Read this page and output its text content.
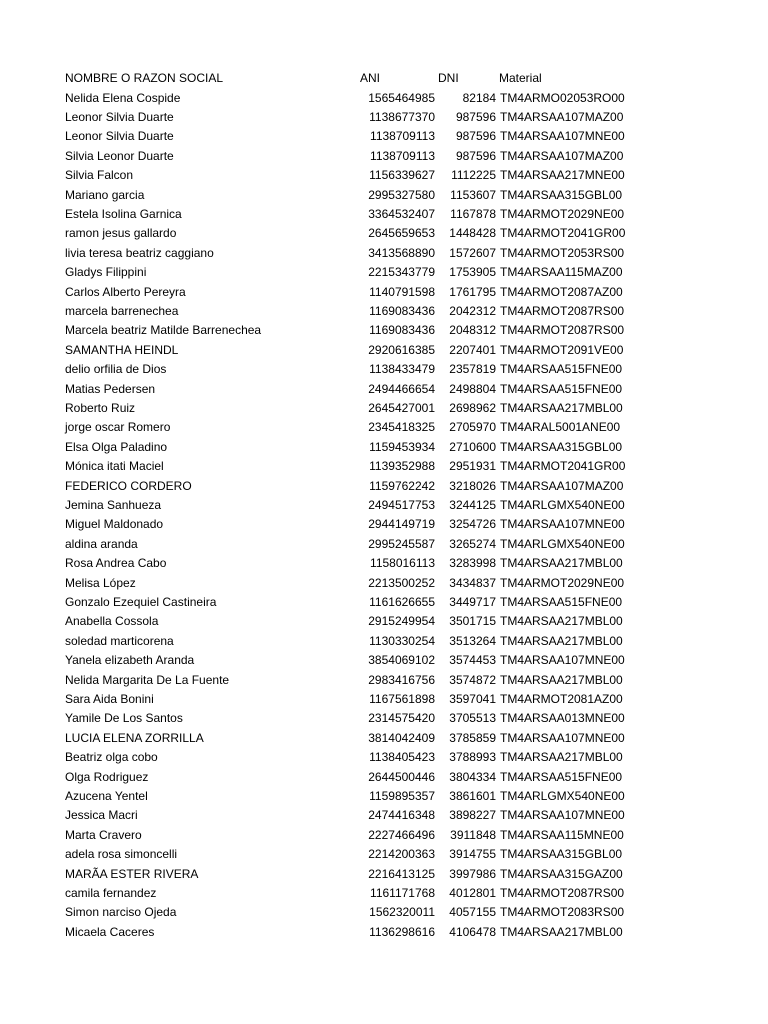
NOMBRE O RAZON SOCIAL	ANI	DNI	Material
Nelida Elena Cospide	1565464985	82184 TM4ARMO02053RO00
Leonor Silvia Duarte	1138677370	987596 TM4ARSAA107MAZ00
Leonor Silvia Duarte	1138709113	987596 TM4ARSAA107MNE00
Silvia Leonor Duarte	1138709113	987596 TM4ARSAA107MAZ00
Silvia Falcon	1156339627	1112225 TM4ARSAA217MNE00
Mariano garcia	2995327580	1153607 TM4ARSAA315GBL00
Estela Isolina Garnica	3364532407	1167878 TM4ARMOT2029NE00
ramon jesus gallardo	2645659653	1448428 TM4ARMOT2041GR00
livia teresa beatriz caggiano	3413568890	1572607 TM4ARMOT2053RS00
Gladys Filippini	2215343779	1753905 TM4ARSAA115MAZ00
Carlos Alberto Pereyra	1140791598	1761795 TM4ARMOT2087AZ00
marcela barrenechea	1169083436	2042312 TM4ARMOT2087RS00
Marcela beatriz Matilde Barrenechea	1169083436	2048312 TM4ARMOT2087RS00
SAMANTHA HEINDL	2920616385	2207401 TM4ARMOT2091VE00
delio orfilia de Dios	1138433479	2357819 TM4ARSAA515FNE00
Matias Pedersen	2494466654	2498804 TM4ARSAA515FNE00
Roberto Ruiz	2645427001	2698962 TM4ARSAA217MBL00
jorge oscar Romero	2345418325	2705970 TM4ARAL5001ANE00
Elsa Olga Paladino	1159453934	2710600 TM4ARSAA315GBL00
Mónica itati Maciel	1139352988	2951931 TM4ARMOT2041GR00
FEDERICO CORDERO	1159762242	3218026 TM4ARSAA107MAZ00
Jemina Sanhueza	2494517753	3244125 TM4ARLGMX540NE00
Miguel Maldonado	2944149719	3254726 TM4ARSAA107MNE00
aldina aranda	2995245587	3265274 TM4ARLGMX540NE00
Rosa Andrea Cabo	1158016113	3283998 TM4ARSAA217MBL00
Melisa López	2213500252	3434837 TM4ARMOT2029NE00
Gonzalo Ezequiel Castineira	1161626655	3449717 TM4ARSAA515FNE00
Anabella Cossola	2915249954	3501715 TM4ARSAA217MBL00
soledad marticorena	1130330254	3513264 TM4ARSAA217MBL00
Yanela elizabeth Aranda	3854069102	3574453 TM4ARSAA107MNE00
Nelida Margarita De La Fuente	2983416756	3574872 TM4ARSAA217MBL00
Sara Aida Bonini	1167561898	3597041 TM4ARMOT2081AZ00
Yamile De Los Santos	2314575420	3705513 TM4ARSAA013MNE00
LUCIA ELENA ZORRILLA	3814042409	3785859 TM4ARSAA107MNE00
Beatriz olga cobo	1138405423	3788993 TM4ARSAA217MBL00
Olga Rodriguez	2644500446	3804334 TM4ARSAA515FNE00
Azucena Yentel	1159895357	3861601 TM4ARLGMX540NE00
Jessica Macri	2474416348	3898227 TM4ARSAA107MNE00
Marta Cravero	2227466496	3911848 TM4ARSAA115MNE00
adela rosa simoncelli	2214200363	3914755 TM4ARSAA315GBL00
MARÃA ESTER RIVERA	2216413125	3997986 TM4ARSAA315GAZ00
camila fernandez	1161171768	4012801 TM4ARMOT2087RS00
Simon narciso Ojeda	1562320011	4057155 TM4ARMOT2083RS00
Micaela Caceres	1136298616	4106478 TM4ARSAA217MBL00
